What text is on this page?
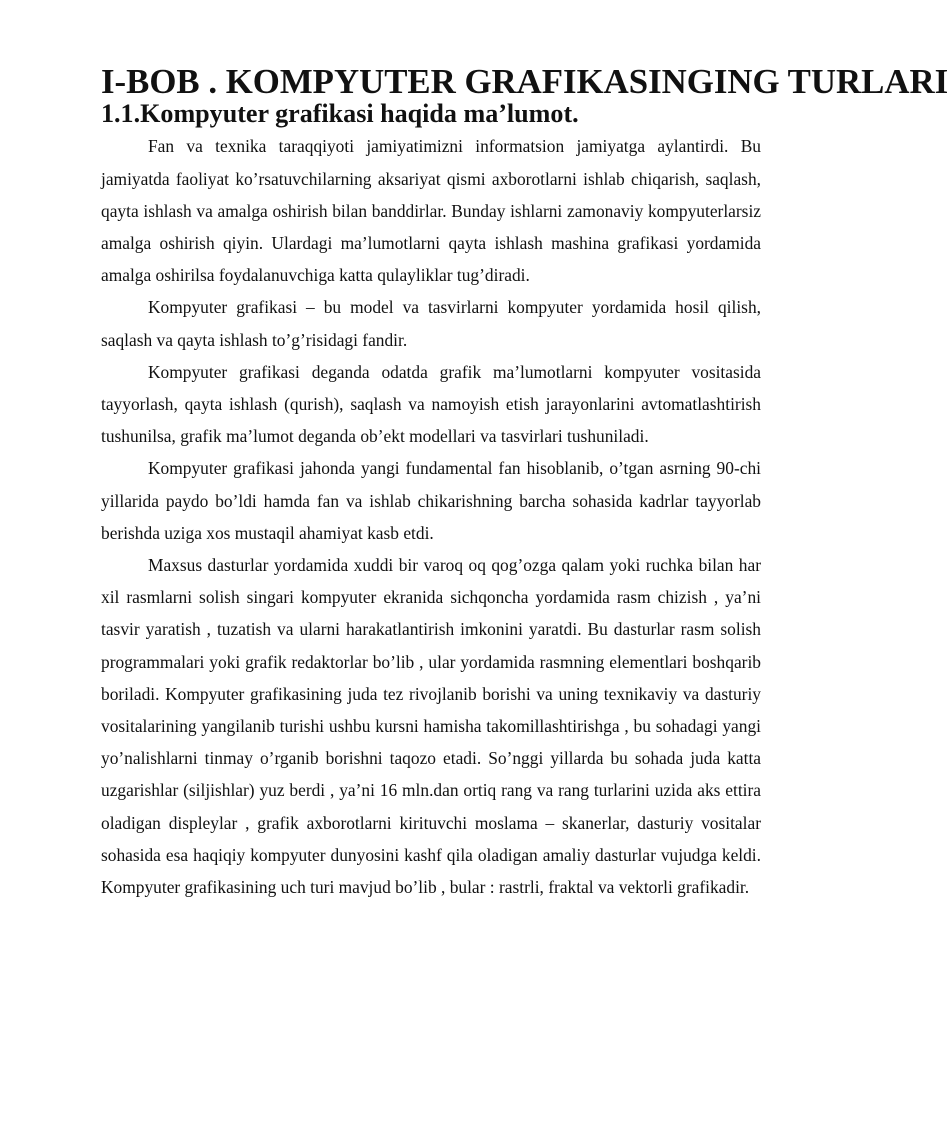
I-BOB . KOMPYUTER GRAFIKASINGING TURLARI
1.1.Kompyuter grafikasi haqida ma’lumot.

Fan va texnika taraqqiyoti jamiyatimizni informatsion jamiyatga aylantirdi. Bu jamiyatda faoliyat ko’rsatuvchilarning aksariyat qismi axborotlarni ishlab chiqarish, saqlash, qayta ishlash va amalga oshirish bilan banddirlar. Bunday ishlarni zamonaviy kompyuterlarsiz amalga oshirish qiyin. Ulardagi ma’lumotlarni qayta ishlash mashina grafikasi yordamida amalga oshirilsa foydalanuvchiga katta qulayliklar tug’diradi.

Kompyuter grafikasi – bu model va tasvirlarni kompyuter yordamida hosil qilish, saqlash va qayta ishlash to’g’risidagi fandir.

Kompyuter grafikasi deganda odatda grafik ma’lumotlarni kompyuter vositasida tayyorlash, qayta ishlash (qurish), saqlash va namoyish etish jarayonlarini avtomatlashtirish tushunilsa, grafik ma’lumot deganda ob’ekt modellari va tasvirlari tushuniladi.

Kompyuter grafikasi jahonda yangi fundamental fan hisoblanib, o’tgan asrning 90-chi yillarida paydo bo’ldi hamda fan va ishlab chikarishning barcha sohasida kadrlar tayyorlab berishda uziga xos mustaqil ahamiyat kasb etdi.

Maxsus dasturlar yordamida xuddi bir varoq oq qog’ozga qalam yoki ruchka bilan har xil rasmlarni solish singari kompyuter ekranida sichqoncha yordamida rasm chizish , ya’ni tasvir yaratish , tuzatish va ularni harakatlantirish imkonini yaratdi. Bu dasturlar rasm solish programmalari yoki grafik redaktorlar bo’lib , ular yordamida rasmning elementlari boshqarib boriladi. Kompyuter grafikasining juda tez rivojlanib borishi va uning texnikaviy va dasturiy vositalarining yangilanib turishi ushbu kursni hamisha takomillashtirishga , bu sohadagi yangi yo’nalishlarni tinmay o’rganib borishni taqozo etadi. So’nggi yillarda bu sohada juda katta uzgarishlar (siljishlar) yuz berdi , ya’ni 16 mln.dan ortiq rang va rang turlarini uzida aks ettira oladigan displeylar , grafik axborotlarni kirituvchi moslama – skanerlar, dasturiy vositalar sohasida esa haqiqiy kompyuter dunyosini kashf qila oladigan amaliy dasturlar vujudga keldi. Kompyuter grafikasining uch turi mavjud bo’lib , bular : rastrli, fraktal va vektorli grafikadir.
